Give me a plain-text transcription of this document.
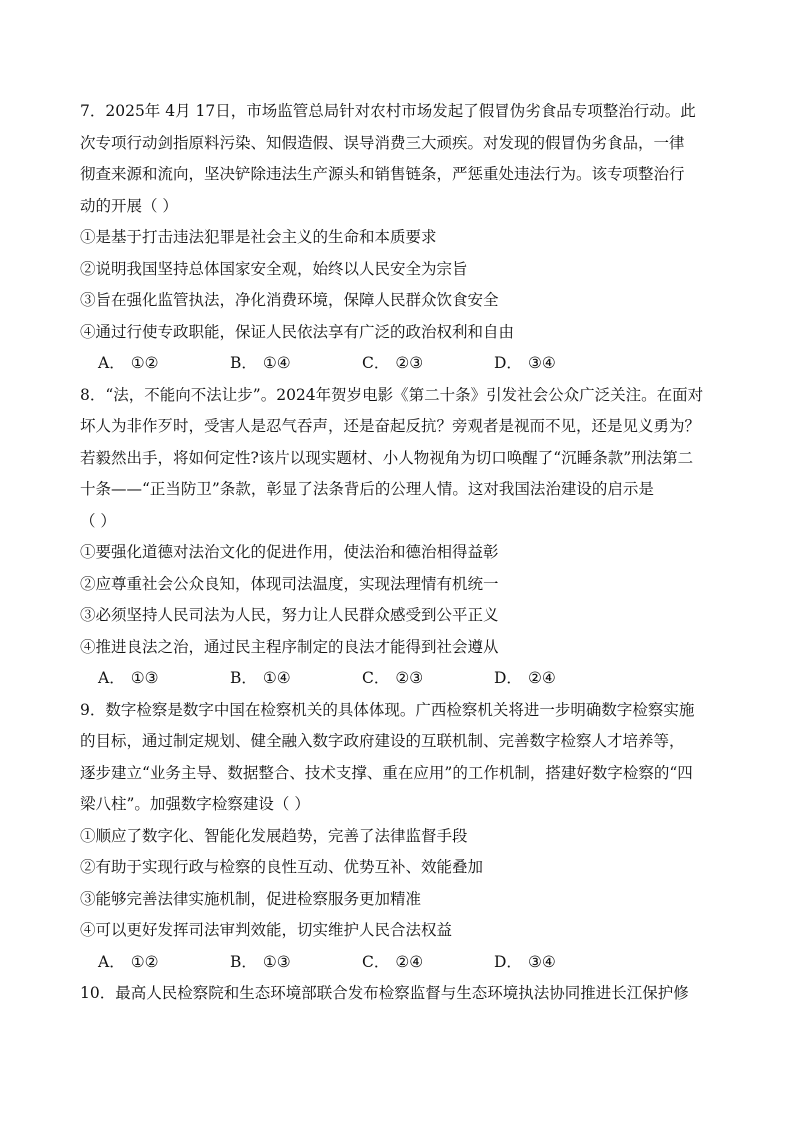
7．2025年 4月 17日，市场监管总局针对农村市场发起了假冒伪劣食品专项整治行动。此
次专项行动剑指原料污染、知假造假、误导消费三大顽疾。对发现的假冒伪劣食品，一律
彻查来源和流向，坚决铲除违法生产源头和销售链条，严惩重处违法行为。该专项整治行
动的开展（ ）
①是基于打击违法犯罪是社会主义的生命和本质要求
②说明我国坚持总体国家安全观，始终以人民安全为宗旨
③旨在强化监管执法，净化消费环境，保障人民群众饮食安全
④通过行使专政职能，保证人民依法享有广泛的政治权利和自由
A． ①②	B． ①④	C． ②③	D． ③④
8．“法，不能向不法让步”。2024年贺岁电影《第二十条》引发社会公众广泛关注。在面对
坏人为非作歹时，受害人是忍气吞声，还是奋起反抗？旁观者是视而不见，还是见义勇为？
若毅然出手，将如何定性?该片以现实题材、小人物视角为切口唤醒了“沉睡条款”刑法第二
十条——“正当防卫”条款，彰显了法条背后的公理人情。这对我国法治建设的启示是
（ ）
①要强化道德对法治文化的促进作用，使法治和德治相得益彰
②应尊重社会公众良知，体现司法温度，实现法理情有机统一
③必须坚持人民司法为人民，努力让人民群众感受到公平正义
④推进良法之治，通过民主程序制定的良法才能得到社会遵从
A． ①③	B． ①④	C． ②③	D． ②④
9．数字检察是数字中国在检察机关的具体体现。广西检察机关将进一步明确数字检察实施
的目标，通过制定规划、健全融入数字政府建设的互联机制、完善数字检察人才培养等，
逐步建立“业务主导、数据整合、技术支撑、重在应用”的工作机制，搭建好数字检察的“四
梁八柱”。加强数字检察建设（ ）
①顺应了数字化、智能化发展趋势，完善了法律监督手段
②有助于实现行政与检察的良性互动、优势互补、效能叠加
③能够完善法律实施机制，促进检察服务更加精准
④可以更好发挥司法审判效能，切实维护人民合法权益
A． ①②	B． ①③	C． ②④	D． ③④
10．最高人民检察院和生态环境部联合发布检察监督与生态环境执法协同推进长江保护修
